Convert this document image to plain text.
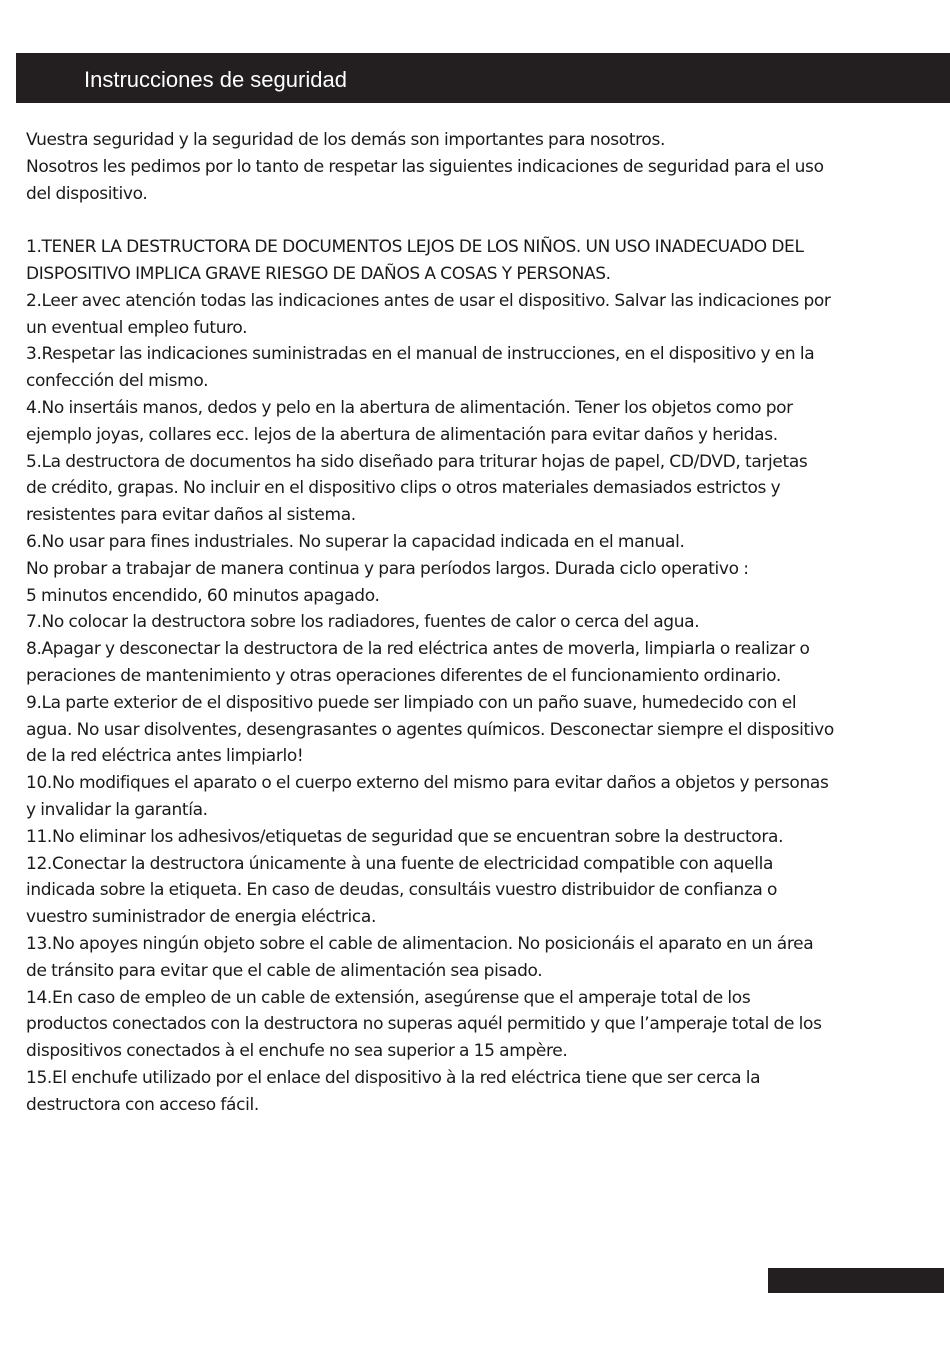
Instrucciones de seguridad
Vuestra seguridad y la seguridad de los demás son importantes para nosotros.
Nosotros les pedimos por lo tanto de respetar las siguientes indicaciones de seguridad para el uso
del dispositivo.
1.TENER LA DESTRUCTORA DE DOCUMENTOS LEJOS DE LOS NIÑOS. UN USO INADECUADO DEL
DISPOSITIVO IMPLICA GRAVE RIESGO DE DAÑOS A COSAS Y PERSONAS.
2.Leer avec atención todas las indicaciones antes de usar el dispositivo. Salvar las indicaciones por
un eventual empleo futuro.
3.Respetar las indicaciones suministradas en el manual de instrucciones, en el dispositivo y en la
confección del mismo.
4.No insertáis manos, dedos y pelo en la abertura de alimentación. Tener los objetos como por
ejemplo joyas, collares ecc. lejos de la abertura de alimentación para evitar daños y heridas.
5.La destructora de documentos ha sido diseñado para triturar hojas de papel, CD/DVD, tarjetas
de crédito, grapas. No incluir en el dispositivo clips o otros materiales demasiados estrictos y
resistentes para evitar daños al sistema.
6.No usar para fines industriales. No superar la capacidad indicada en el manual.
No probar a trabajar de manera continua y para períodos largos. Durada ciclo operativo :
5 minutos encendido, 60 minutos apagado.
7.No colocar la destructora sobre los radiadores, fuentes de calor o cerca del agua.
8.Apagar y desconectar la destructora de la red eléctrica antes de moverla, limpiarla o realizar o
peraciones de mantenimiento y otras operaciones diferentes de el funcionamiento ordinario.
9.La parte exterior de el dispositivo puede ser limpiado con un paño suave, humedecido con el
agua. No usar disolventes, desengrasantes o agentes químicos. Desconectar siempre el dispositivo
de la red eléctrica antes limpiarlo!
10.No modifiques el aparato o el cuerpo externo del mismo para evitar daños a objetos y personas
y invalidar la garantía.
11.No eliminar los adhesivos/etiquetas de seguridad que se encuentran sobre la destructora.
12.Conectar la destructora únicamente à una fuente de electricidad compatible con aquella
indicada sobre la etiqueta. En caso de deudas, consultáis vuestro distribuidor de confianza o
vuestro suministrador de energia eléctrica.
13.No apoyes ningún objeto sobre el cable de alimentacion. No posicionáis el aparato en un área
de tránsito para evitar que el cable de alimentación sea pisado.
14.En caso de empleo de un cable de extensión, asegúrense que el amperaje total de los
productos conectados con la destructora no superas aquél permitido y que l’amperaje total de los
dispositivos conectados à el enchufe no sea superior a 15 ampère.
15.El enchufe utilizado por el enlace del dispositivo à la red eléctrica tiene que ser cerca la
destructora con acceso fácil.
